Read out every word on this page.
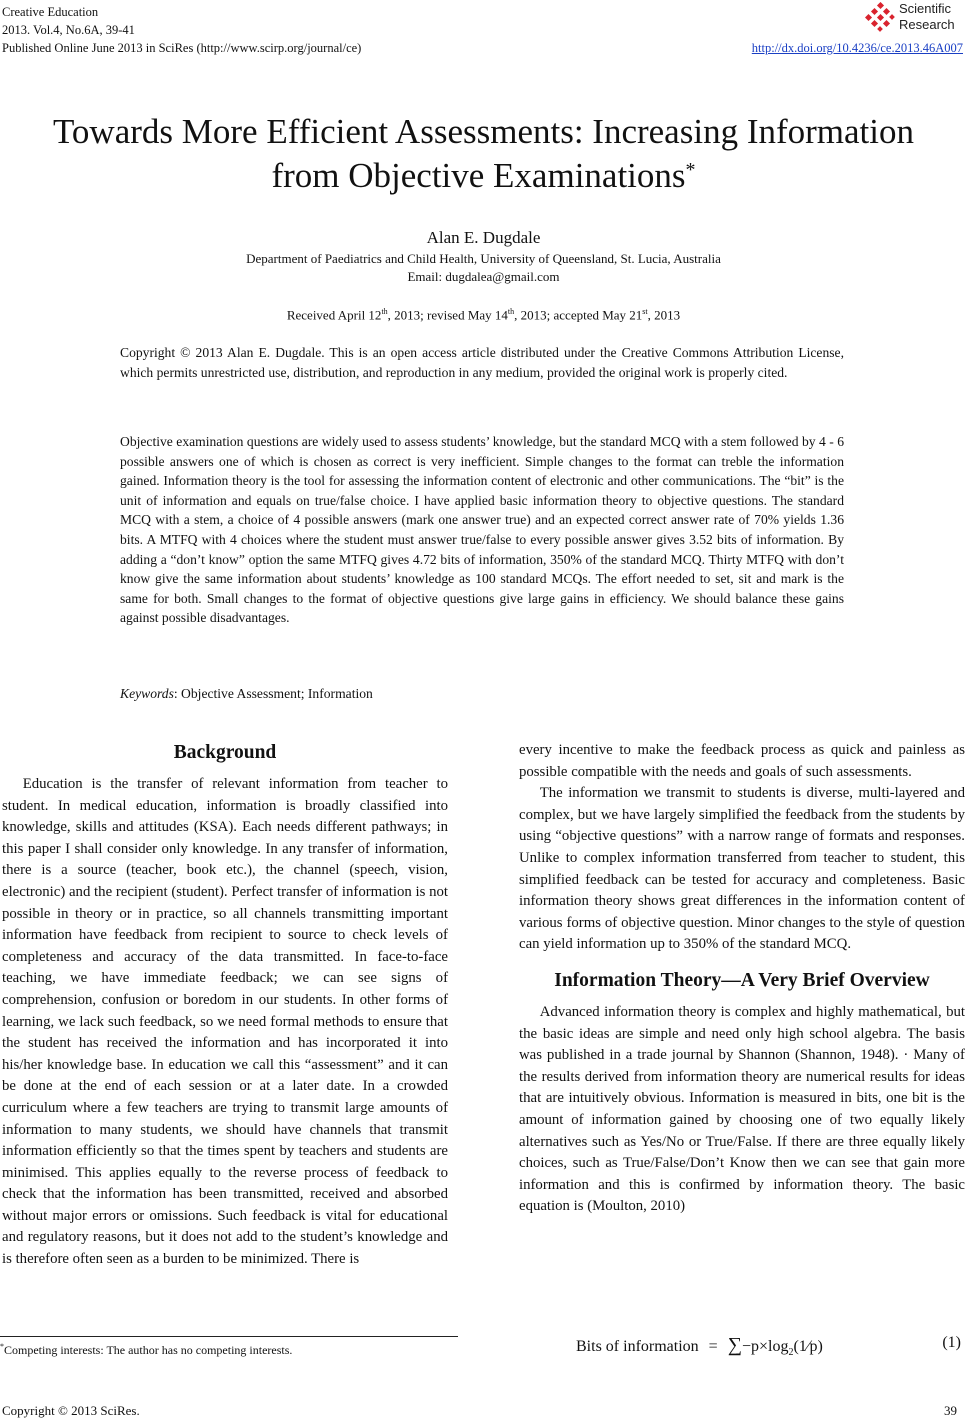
Creative Education
2013. Vol.4, No.6A, 39-41
Published Online June 2013 in SciRes (http://www.scirp.org/journal/ce)
Scientific
Research
http://dx.doi.org/10.4236/ce.2013.46A007
Towards More Efficient Assessments: Increasing Information
from Objective Examinations*
Alan E. Dugdale
Department of Paediatrics and Child Health, University of Queensland, St. Lucia, Australia
Email: dugdalea@gmail.com
Received April 12th, 2013; revised May 14th, 2013; accepted May 21st, 2013
Copyright © 2013 Alan E. Dugdale. This is an open access article distributed under the Creative Commons Attribution License, which permits unrestricted use, distribution, and reproduction in any medium, provided the original work is properly cited.
Objective examination questions are widely used to assess students’ knowledge, but the standard MCQ with a stem followed by 4 - 6 possible answers one of which is chosen as correct is very inefficient. Simple changes to the format can treble the information gained. Information theory is the tool for assessing the information content of electronic and other communications. The “bit” is the unit of information and equals on true/false choice. I have applied basic information theory to objective questions. The standard MCQ with a stem, a choice of 4 possible answers (mark one answer true) and an expected correct answer rate of 70% yields 1.36 bits. A MTFQ with 4 choices where the student must answer true/false to every possible answer gives 3.52 bits of information. By adding a “don’t know” option the same MTFQ gives 4.72 bits of information, 350% of the standard MCQ. Thirty MTFQ with don’t know give the same information about students’ knowledge as 100 standard MCQs. The effort needed to set, sit and mark is the same for both. Small changes to the format of objective questions give large gains in efficiency. We should balance these gains against possible disadvantages.
Keywords: Objective Assessment; Information
Background

Education is the transfer of relevant information from teacher to student. In medical education, information is broadly classified into knowledge, skills and attitudes (KSA). Each needs different pathways; in this paper I shall consider only knowledge. In any transfer of information, there is a source (teacher, book etc.), the channel (speech, vision, electronic) and the recipient (student). Perfect transfer of information is not possible in theory or in practice, so all channels transmitting important information have feedback from recipient to source to check levels of completeness and accuracy of the data transmitted. In face-to-face teaching, we have immediate feedback; we can see signs of comprehension, confusion or boredom in our students. In other forms of learning, we lack such feedback, so we need formal methods to ensure that the student has received the information and has incorporated it into his/her knowledge base. In education we call this “assessment” and it can be done at the end of each session or at a later date. In a crowded curriculum where a few teachers are trying to transmit large amounts of information to many students, we should have channels that transmit information efficiently so that the times spent by teachers and students are minimised. This applies equally to the reverse process of feedback to check that the information has been transmitted, received and absorbed without major errors or omissions. Such feedback is vital for educational and regulatory reasons, but it does not add to the student’s knowledge and is therefore often seen as a burden to be minimized. There is

every incentive to make the feedback process as quick and painless as possible compatible with the needs and goals of such assessments.

The information we transmit to students is diverse, multi-layered and complex, but we have largely simplified the feedback from the students by using “objective questions” with a narrow range of formats and responses. Unlike to complex information transferred from teacher to student, this simplified feedback can be tested for accuracy and completeness. Basic information theory shows great differences in the information content of various forms of objective question. Minor changes to the style of question can yield information up to 350% of the standard MCQ.

Information Theory—A Very Brief Overview

Advanced information theory is complex and highly mathematical, but the basic ideas are simple and need only high school algebra. The basis was published in a trade journal by Shannon (Shannon, 1948). · Many of the results derived from information theory are numerical results for ideas that are intuitively obvious. Information is measured in bits, one bit is the amount of information gained by choosing one of two equally likely alternatives such as Yes/No or True/False. If there are three equally likely choices, such as True/False/Don’t Know then we can see that gain more information and this is confirmed by information theory. The basic equation is (Moulton, 2010)

Bits of information = $\sum-p\times\log_2(1⁄p)$	(1)
*Competing interests: The author has no competing interests.
Copyright © 2013 SciRes.	39
